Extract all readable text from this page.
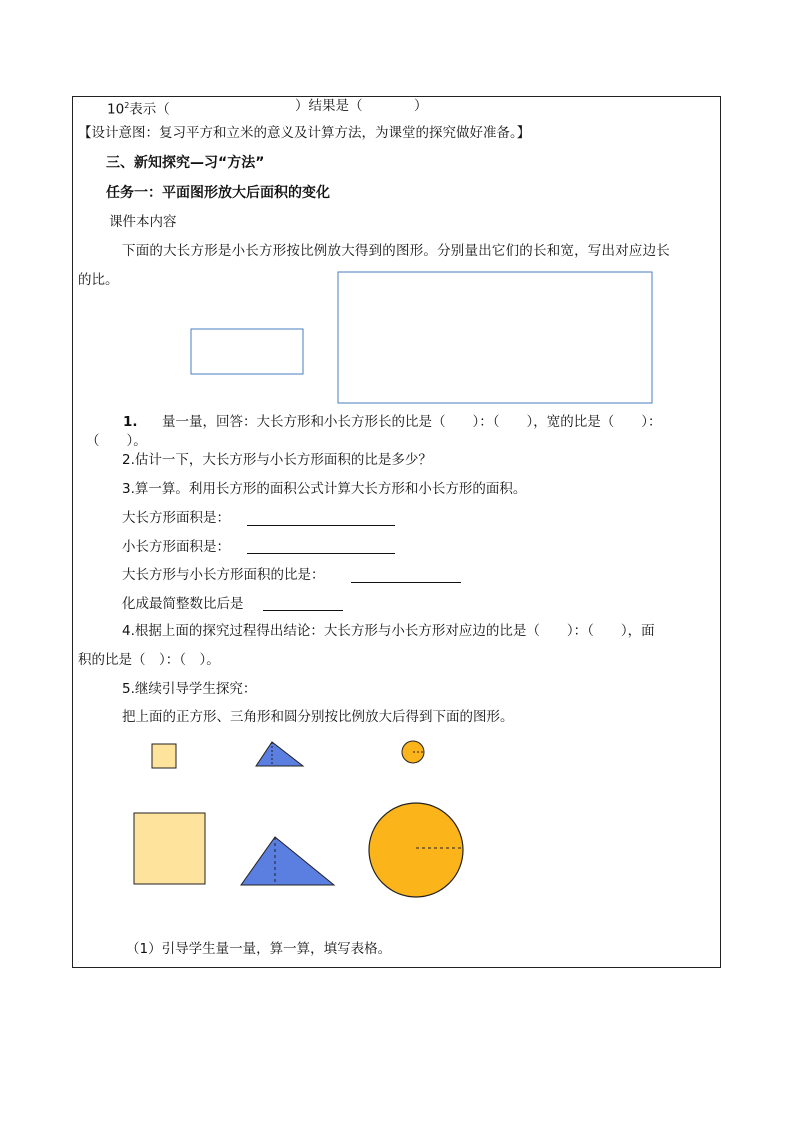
$10^2$表示（	）结果是（	）
【设计意图：复习平方和立米的意义及计算方法，为课堂的探究做好准备。】
三、新知探究—习“方法”
任务一：平面图形放大后面积的变化
课件本内容
下面的大长方形是小长方形按比例放大得到的图形。分别量出它们的长和宽，写出对应边长
的比。
1. 量一量，回答：大长方形和小长方形长的比是（　　）：（　　），宽的比是（　　）：
（　　）。
2.估计一下，大长方形与小长方形面积的比是多少？
3.算一算。利用长方形的面积公式计算大长方形和小长方形的面积。
大长方形面积是：
小长方形面积是：
大长方形与小长方形面积的比是：
化成最简整数比后是
4.根据上面的探究过程得出结论：大长方形与小长方形对应边的比是（　　）：（　　），面
积的比是（　）：（　）。
5.继续引导学生探究：
把上面的正方形、三角形和圆分别按比例放大后得到下面的图形。
（1）引导学生量一量，算一算，填写表格。
